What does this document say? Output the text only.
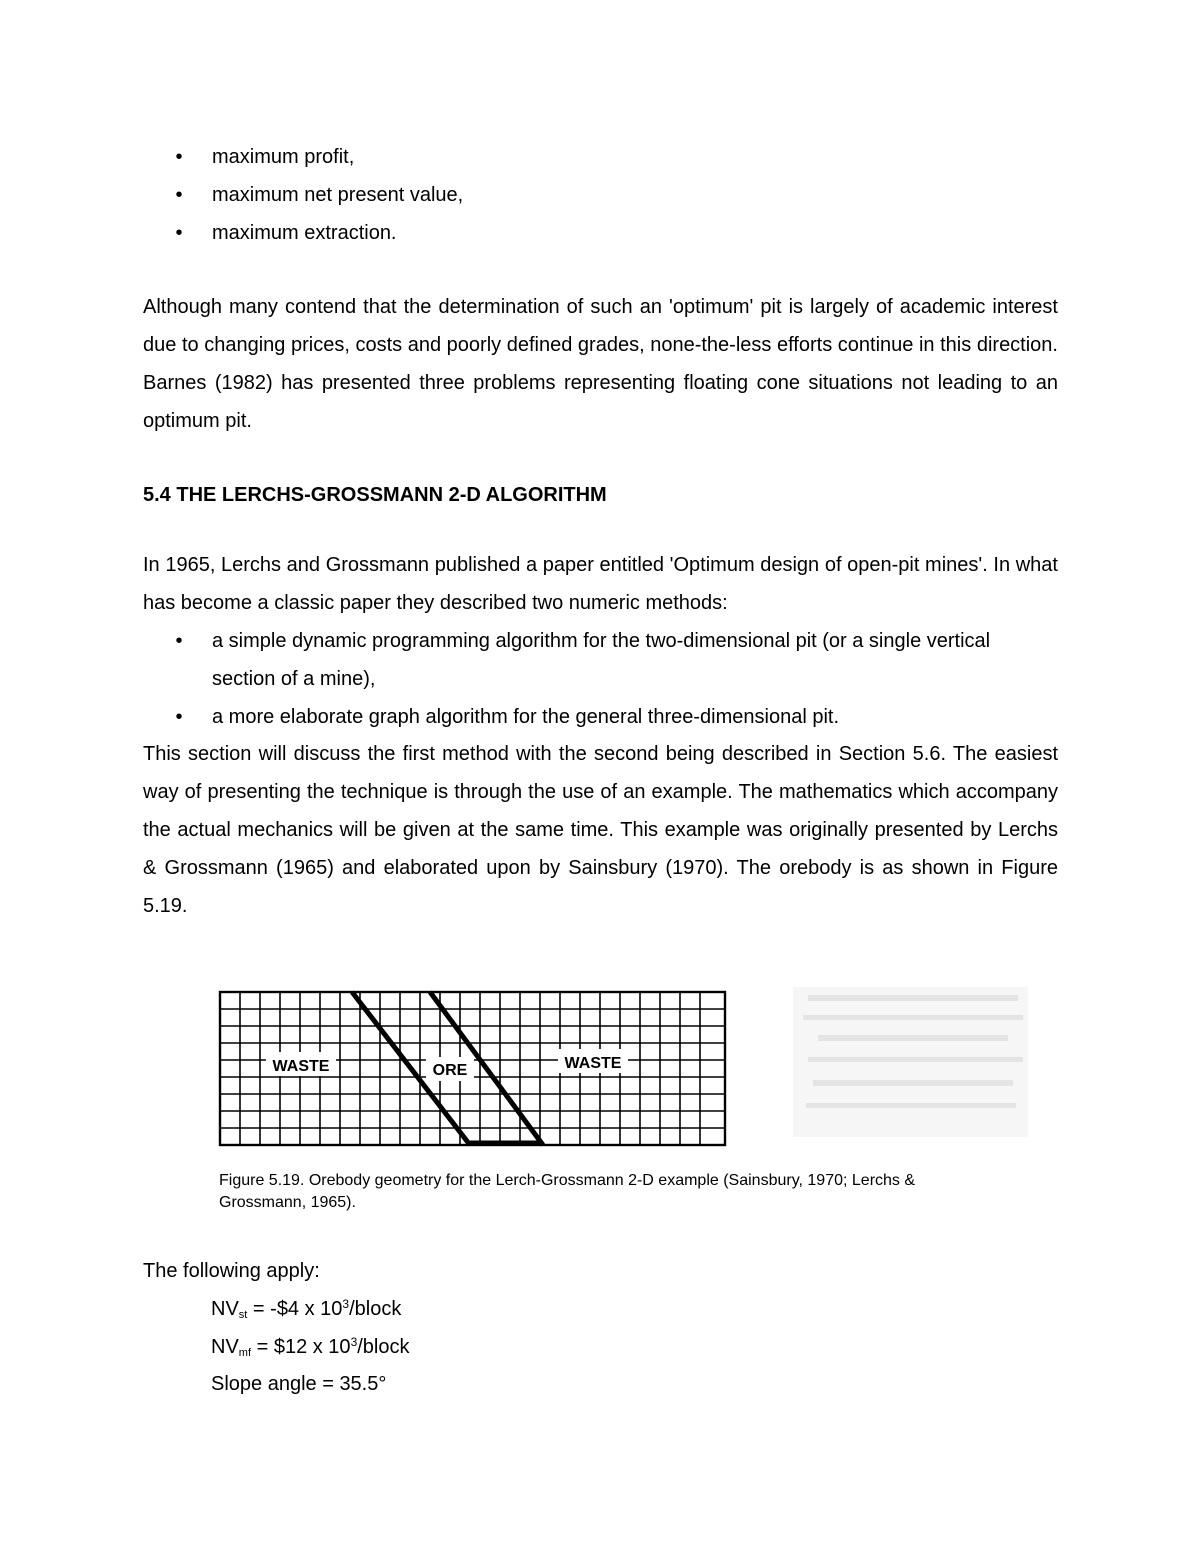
• maximum profit,
• maximum net present value,
• maximum extraction.

Although many contend that the determination of such an 'optimum' pit is largely of academic interest due to changing prices, costs and poorly defined grades, none-the-less efforts continue in this direction. Barnes (1982) has presented three problems representing floating cone situations not leading to an optimum pit.

5.4 THE LERCHS-GROSSMANN 2-D ALGORITHM

In 1965, Lerchs and Grossmann published a paper entitled 'Optimum design of open-pit mines'. In what has become a classic paper they described two numeric methods:

• a simple dynamic programming algorithm for the two-dimensional pit (or a single vertical section of a mine),
• a more elaborate graph algorithm for the general three-dimensional pit.

This section will discuss the first method with the second being described in Section 5.6. The easiest way of presenting the technique is through the use of an example. The mathematics which accompany the actual mechanics will be given at the same time. This example was originally presented by Lerchs & Grossmann (1965) and elaborated upon by Sainsbury (1970). The orebody is as shown in Figure 5.19.

WASTE	ORE	WASTE

Figure 5.19. Orebody geometry for the Lerch-Grossmann 2-D example (Sainsbury, 1970; Lerchs & Grossmann, 1965).

The following apply:

$NV_{st}$ = -$4 x $10^3$/block

$NV_{mf}$ = $12 x $10^3$/block

Slope angle = 35.5°
